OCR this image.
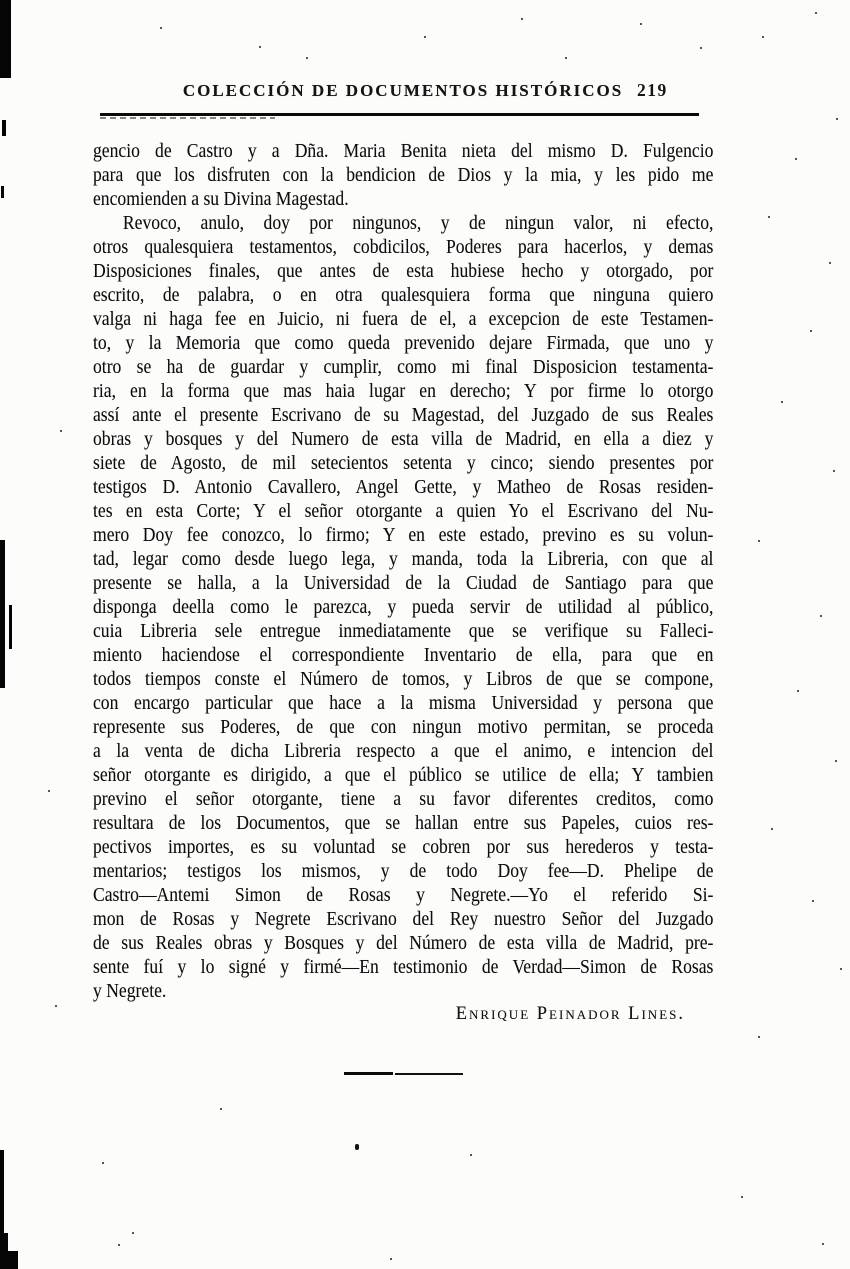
COLECCIÓN DE DOCUMENTOS HISTÓRICOS 219
gencio de Castro y a Dña. Maria Benita nieta del mismo D. Fulgencio
para que los disfruten con la bendicion de Dios y la mia, y les pido me
encomienden a su Divina Magestad.
Revoco, anulo, doy por ningunos, y de ningun valor, ni efecto,
otros qualesquiera testamentos, cobdicilos, Poderes para hacerlos, y demas
Disposiciones finales, que antes de esta hubiese hecho y otorgado, por
escrito, de palabra, o en otra qualesquiera forma que ninguna quiero
valga ni haga fee en Juicio, ni fuera de el, a excepcion de este Testamen-
to, y la Memoria que como queda prevenido dejare Firmada, que uno y
otro se ha de guardar y cumplir, como mi final Disposicion testamenta-
ria, en la forma que mas haia lugar en derecho; Y por firme lo otorgo
assí ante el presente Escrivano de su Magestad, del Juzgado de sus Reales
obras y bosques y del Numero de esta villa de Madrid, en ella a diez y
siete de Agosto, de mil setecientos setenta y cinco; siendo presentes por
testigos D. Antonio Cavallero, Angel Gette, y Matheo de Rosas residen-
tes en esta Corte; Y el señor otorgante a quien Yo el Escrivano del Nu-
mero Doy fee conozco, lo firmo; Y en este estado, previno es su volun-
tad, legar como desde luego lega, y manda, toda la Libreria, con que al
presente se halla, a la Universidad de la Ciudad de Santiago para que
disponga deella como le parezca, y pueda servir de utilidad al público,
cuia Libreria sele entregue inmediatamente que se verifique su Falleci-
miento haciendose el correspondiente Inventario de ella, para que en
todos tiempos conste el Número de tomos, y Libros de que se compone,
con encargo particular que hace a la misma Universidad y persona que
represente sus Poderes, de que con ningun motivo permitan, se proceda
a la venta de dicha Libreria respecto a que el animo, e intencion del
señor otorgante es dirigido, a que el público se utilice de ella; Y tambien
previno el señor otorgante, tiene a su favor diferentes creditos, como
resultara de los Documentos, que se hallan entre sus Papeles, cuios res-
pectivos importes, es su voluntad se cobren por sus herederos y testa-
mentarios; testigos los mismos, y de todo Doy fee—D. Phelipe de
Castro—Antemi Simon de Rosas y Negrete.—Yo el referido Si-
mon de Rosas y Negrete Escrivano del Rey nuestro Señor del Juzgado
de sus Reales obras y Bosques y del Número de esta villa de Madrid, pre-
sente fuí y lo signé y firmé—En testimonio de Verdad—Simon de Rosas
y Negrete.
Enrique Peinador Lines.
